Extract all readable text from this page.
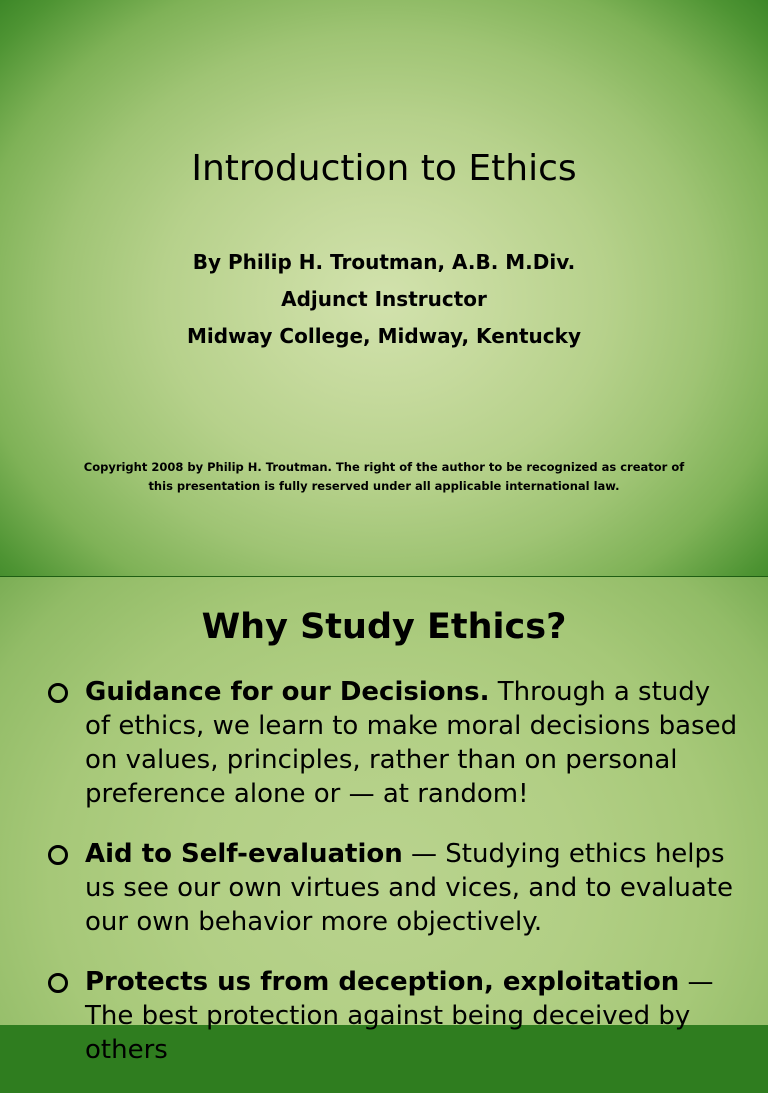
Introduction to Ethics
By Philip H. Troutman, A.B. M.Div.
Adjunct Instructor
Midway College, Midway, Kentucky
Copyright 2008 by Philip H. Troutman. The right of the author to be recognized as creator of this presentation is fully reserved under all applicable international law.
Why Study Ethics?
Guidance for our Decisions. Through a study of ethics, we learn to make moral decisions based on values, principles, rather than on personal preference alone or — at random!
Aid to Self-evaluation — Studying ethics helps us see our own virtues and vices, and to evaluate our own behavior more objectively.
Protects us from deception, exploitation — The best protection against being deceived by others
